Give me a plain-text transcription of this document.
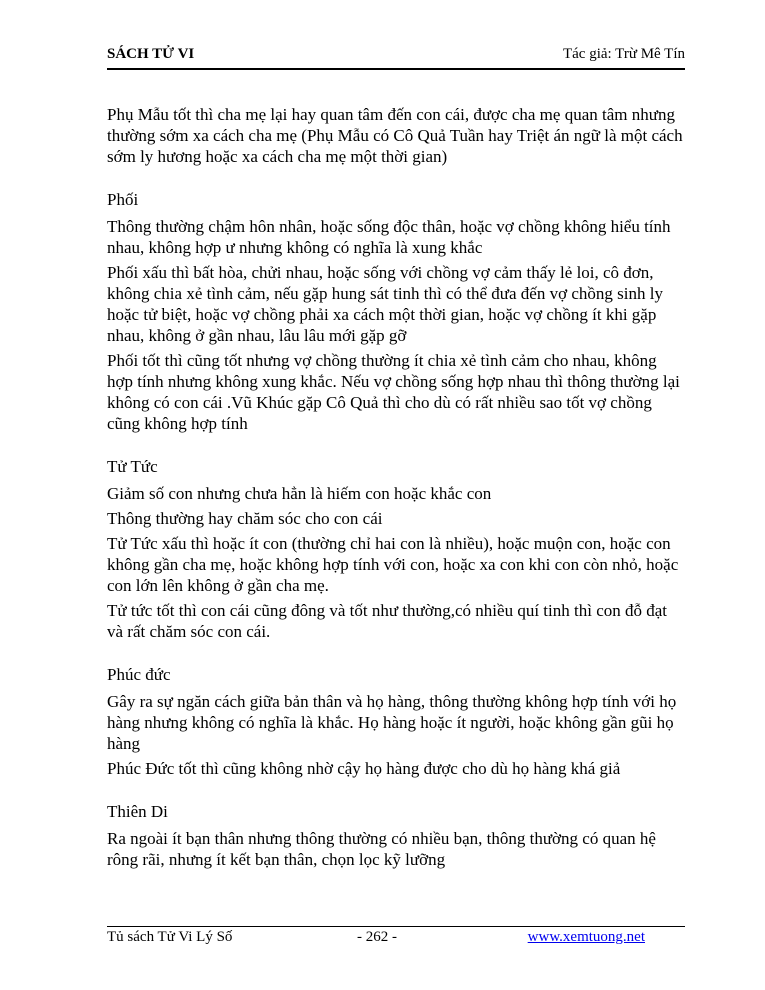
SÁCH TỬ VI	Tác giả: Trừ Mê Tín

Phụ Mẫu tốt thì cha mẹ lại hay quan tâm đến con cái, được cha mẹ quan tâm nhưng thường sớm xa cách cha mẹ (Phụ Mẫu có Cô Quả Tuần hay Triệt án ngữ là một cách sớm ly hương hoặc xa cách cha mẹ một thời gian)

Phối

Thông thường chậm hôn nhân, hoặc sống độc thân, hoặc vợ chồng không hiểu tính nhau, không hợp ư nhưng không có nghĩa là xung khắc

Phối xấu thì bất hòa, chửi nhau, hoặc sống với chồng vợ cảm thấy lẻ loi, cô đơn, không chia xẻ tình cảm, nếu gặp hung sát tinh thì có thể đưa đến vợ chồng sinh ly hoặc tử biệt, hoặc vợ chồng phải xa cách một thời gian, hoặc vợ chồng ít khi gặp nhau, không ở gần nhau, lâu lâu mới gặp gỡ

Phối tốt thì cũng tốt nhưng vợ chồng thường ít chia xẻ tình cảm cho nhau, không hợp tính nhưng không xung khắc. Nếu vợ chồng sống hợp nhau thì thông thường lại không có con cái .Vũ Khúc gặp Cô Quả thì cho dù có rất nhiều sao tốt vợ chồng cũng không hợp tính

Tử Tức

Giảm số con nhưng chưa hẳn là hiếm con hoặc khắc con

Thông thường hay chăm sóc cho con cái

Tử Tức xấu thì hoặc ít con (thường chỉ hai con là nhiều), hoặc muộn con, hoặc con không gần cha mẹ, hoặc không hợp tính với con, hoặc xa con khi con còn nhỏ, hoặc con lớn lên không ở gần cha mẹ.

Tử tức tốt thì con cái cũng đông và tốt như thường,có nhiều quí tinh thì con đỗ đạt và rất chăm sóc con cái.

Phúc đức

Gây ra sự ngăn cách giữa bản thân và họ hàng, thông thường không hợp tính với họ hàng nhưng không có nghĩa là khắc. Họ hàng hoặc ít người, hoặc không gần gũi họ hàng

Phúc Đức tốt thì cũng không nhờ cậy họ hàng được cho dù họ hàng khá giả

Thiên Di

Ra ngoài ít bạn thân nhưng thông thường có nhiều bạn, thông thường có quan hệ rông rãi, nhưng ít kết bạn thân, chọn lọc kỹ lưỡng

Tủ sách Tử Vi Lý Số	- 262 -	www.xemtuong.net
